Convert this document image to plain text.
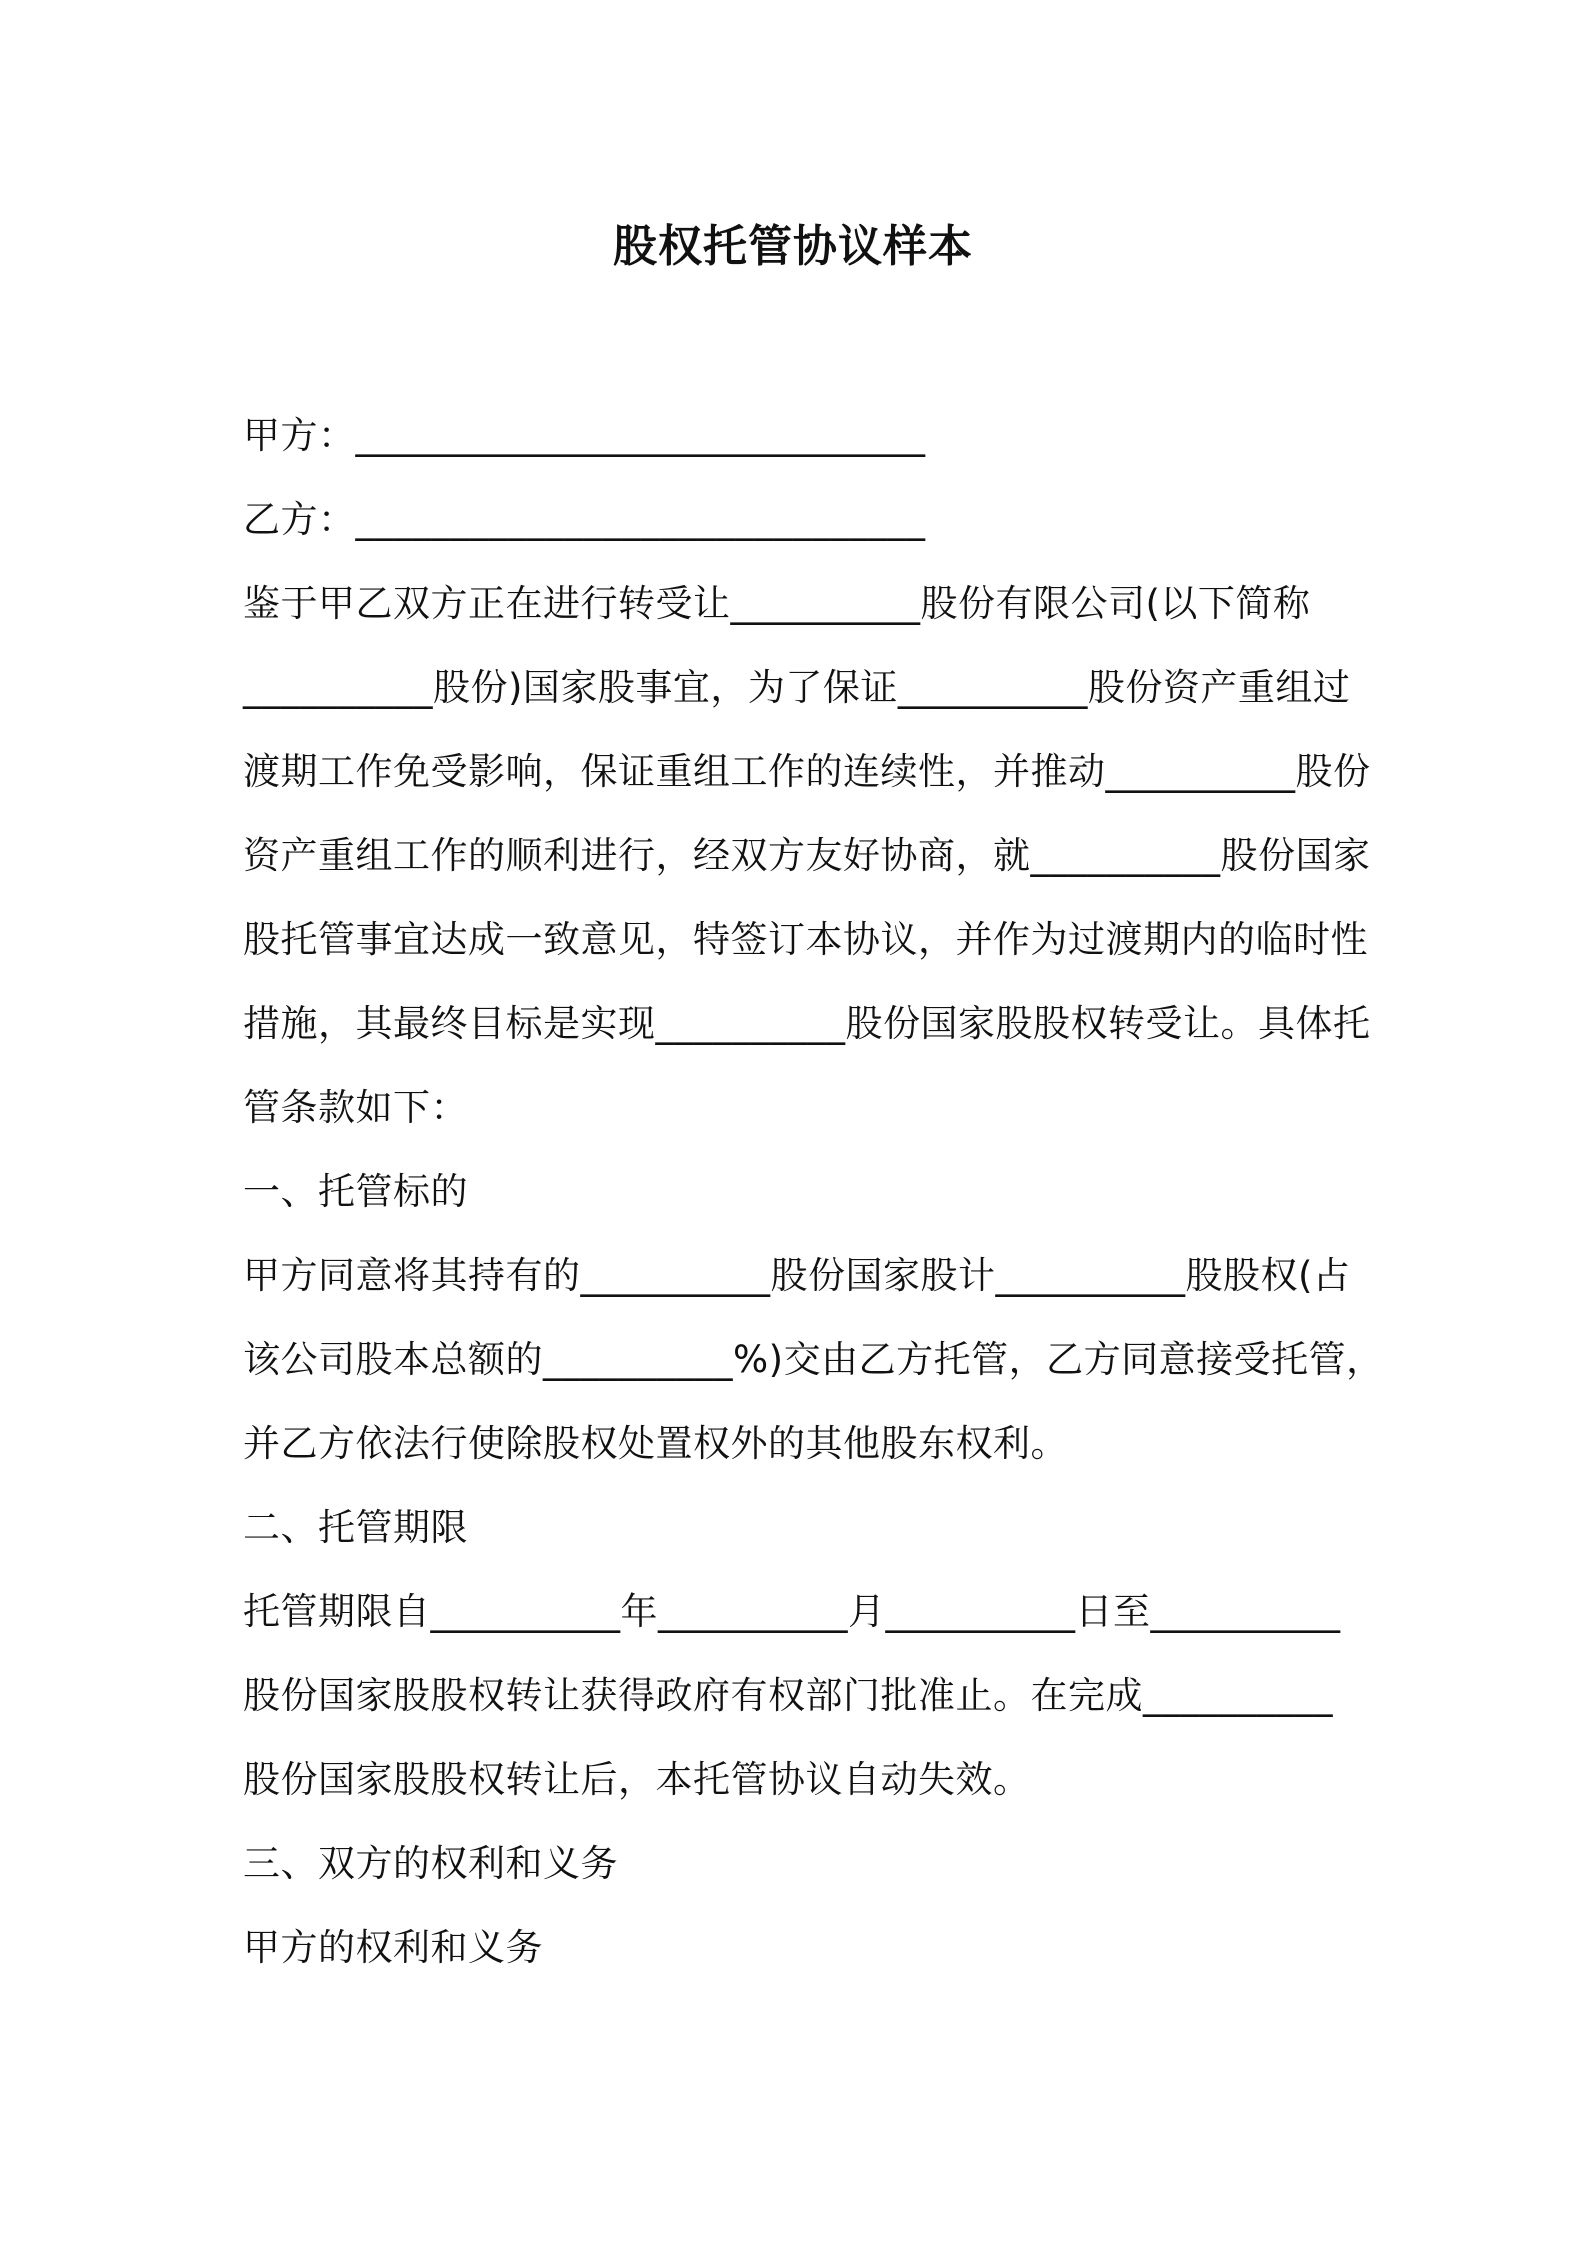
股权托管协议样本
甲方：______________________________
乙方：______________________________
鉴于甲乙双方正在进行转受让__________股份有限公司(以下简称
__________股份)国家股事宜，为了保证__________股份资产重组过
渡期工作免受影响，保证重组工作的连续性，并推动__________股份
资产重组工作的顺利进行，经双方友好协商，就__________股份国家
股托管事宜达成一致意见，特签订本协议，并作为过渡期内的临时性
措施，其最终目标是实现__________股份国家股股权转受让。具体托
管条款如下：
一、托管标的
甲方同意将其持有的__________股份国家股计__________股股权(占
该公司股本总额的__________%)交由乙方托管，乙方同意接受托管，
并乙方依法行使除股权处置权外的其他股东权利。
二、托管期限
托管期限自__________年__________月__________日至__________
股份国家股股权转让获得政府有权部门批准止。在完成__________
股份国家股股权转让后，本托管协议自动失效。
三、双方的权利和义务
甲方的权利和义务
